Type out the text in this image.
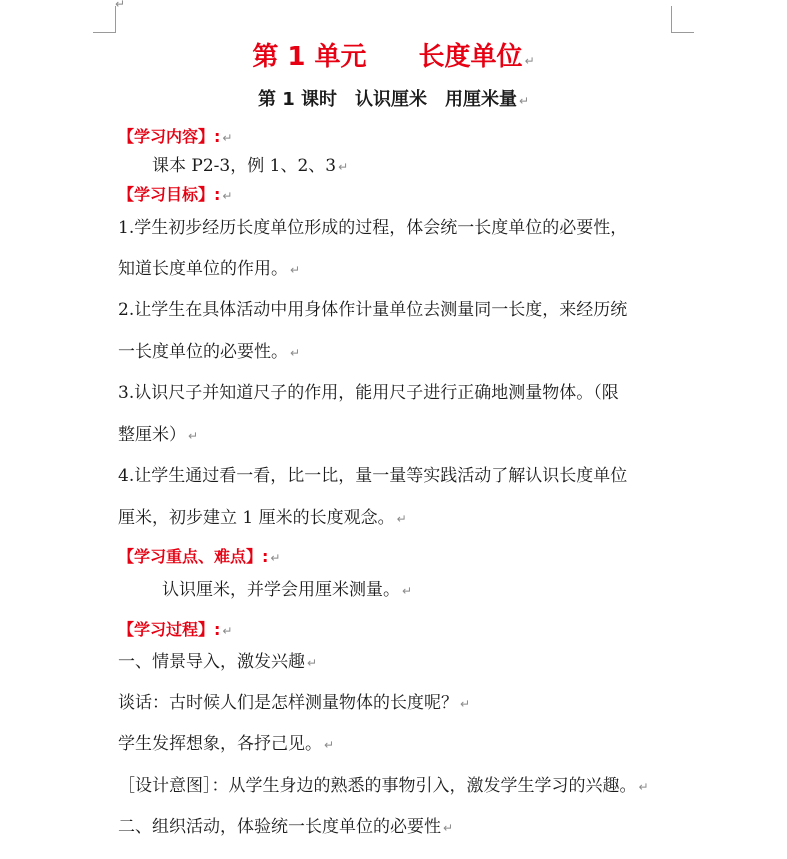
↵
第 1 单元　　长度单位 ↵
第 1 课时　认识厘米　用厘米量 ↵
【学习内容】: ↵
课本 P2-3，例 1、2、3 ↵
【学习目标】: ↵
1.学生初步经历长度单位形成的过程，体会统一长度单位的必要性，
知道长度单位的作用。 ↵
2.让学生在具体活动中用身体作计量单位去测量同一长度，来经历统
一长度单位的必要性。 ↵
3.认识尺子并知道尺子的作用，能用尺子进行正确地测量物体。（限
整厘米） ↵
4.让学生通过看一看，比一比，量一量等实践活动了解认识长度单位
厘米，初步建立 1 厘米的长度观念。 ↵
【学习重点、难点】: ↵
认识厘米，并学会用厘米测量。 ↵
【学习过程】: ↵
一、情景导入，激发兴趣 ↵
谈话：古时候人们是怎样测量物体的长度呢？ ↵
学生发挥想象，各抒己见。 ↵
［设计意图］：从学生身边的熟悉的事物引入，激发学生学习的兴趣。 ↵
二、组织活动，体验统一长度单位的必要性 ↵
